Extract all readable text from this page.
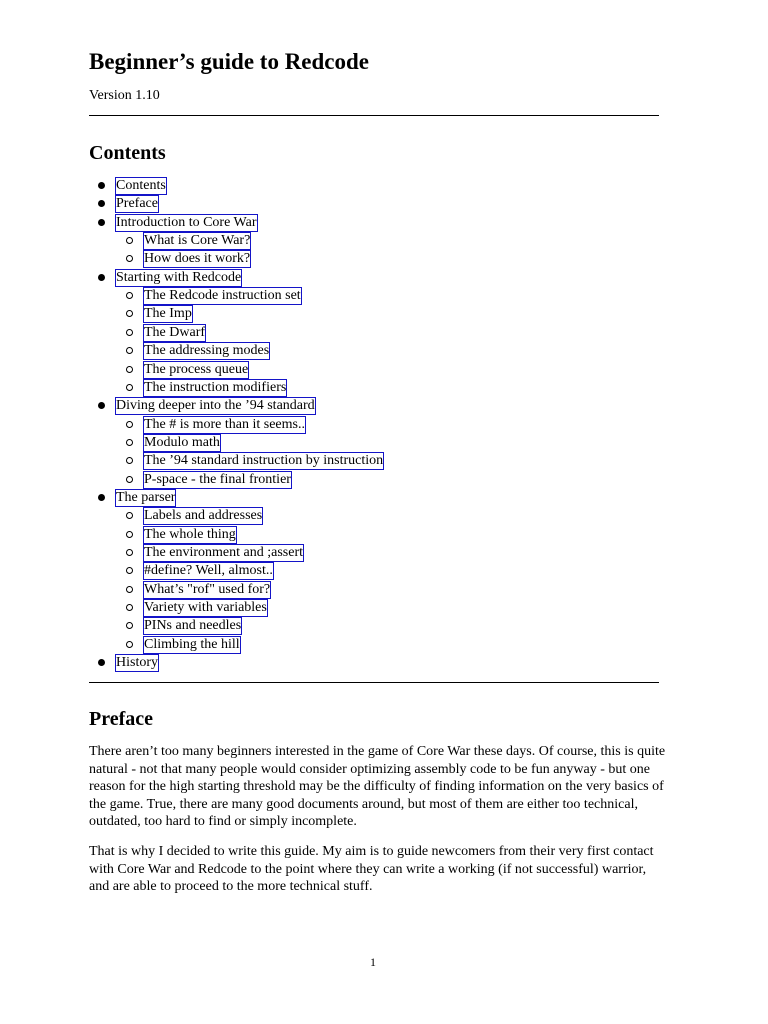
Beginner’s guide to Redcode

Version 1.10

Contents
Contents
Preface
Introduction to Core War
What is Core War?
How does it work?
Starting with Redcode
The Redcode instruction set
The Imp
The Dwarf
The addressing modes
The process queue
The instruction modifiers
Diving deeper into the ’94 standard
The # is more than it seems..
Modulo math
The ’94 standard instruction by instruction
P-space - the final frontier
The parser
Labels and addresses
The whole thing
The environment and ;assert
#define? Well, almost..
What’s "rof" used for?
Variety with variables
PINs and needles
Climbing the hill
History
Preface

There aren’t too many beginners interested in the game of Core War these days. Of course, this is quite
natural - not that many people would consider optimizing assembly code to be fun anyway - but one
reason for the high starting threshold may be the difficulty of finding information on the very basics of
the game. True, there are many good documents around, but most of them are either too technical,
outdated, too hard to find or simply incomplete.

That is why I decided to write this guide. My aim is to guide newcomers from their very first contact
with Core War and Redcode to the point where they can write a working (if not successful) warrior,
and are able to proceed to the more technical stuff.

1
